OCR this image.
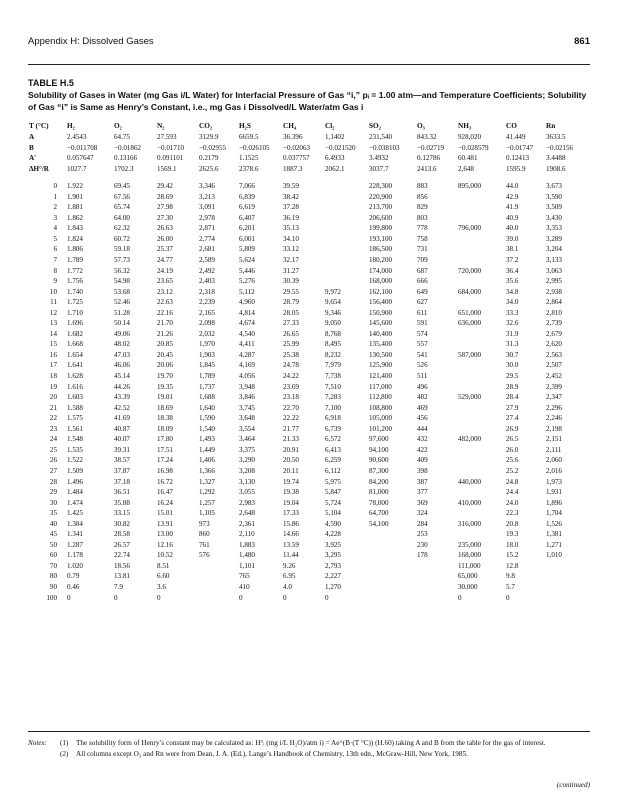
Appendix H: Dissolved Gases	861
TABLE H.5
Solubility of Gases in Water (mg Gas i/L Water) for Interfacial Pressure of Gas “i,” pᵢ = 1.00 atm—and Temperature Coefficients; Solubility of Gas “i” is Same as Henry’s Constant, i.e., mg Gas i Dissolved/L Water/atm Gas i
T (°C)	H₂	O₂	N₂	CO₂	H₂S	CH₄	Cl₂	SO₂	O₃	NH₃	CO	Rn
A	2.4543	64.75	27.593	3129.9	6659.5	36.396	1,1402	231,540	843.32	928,020	41.449	3633.5
B	−0.011708	−0.01862	−0.01710	−0.02955	−0.026105	−0.02063	−0.021520	−0.038103	−0.02719	−0.028579	−0.01747	−0.02156
A'	0.057647	0.13166	0.091101	0.2179	1.1525	0.037757	6.4933	3.4932	0.12786	60.481	0.12413	3.4488
ΔH°/R	1027.7	1702.3	1569.1	2625.6	2378.6	1887.3	2062.1	3037.7	2413.6	2,648	1595.9	1908.6

0	1.922	69.45	29.42	3,346	7,066	39.59		228,300	883	895,000	44.0	3,673
1	1.901	67.56	28.69	3,213	6,839	38.42		220,900	856		42.9	3,590
2	1.881	65.74	27.98	3,091	6,619	37.28		213,700	829		41.9	3,509
3	1.862	64.00	27.30	2,978	6,407	36.19		206,600	803		40.9	3,430
4	1.843	62.32	26.63	2,871	6,201	35.13		199,800	778	796,000	40.0	3,353
5	1.824	60.72	26.00	2,774	6,001	34.10		193,100	758		39.0	3,289
6	1.806	59.18	25.37	2,681	5,809	33.12		186,500	731		38.1	3,204
7	1.789	57.73	24.77	2,589	5,624	32.17		180,200	709		37.2	3,133
8	1.772	56.32	24.19	2,492	5,446	31.27		174,000	687	720,000	36.4	3,063
9	1.756	54.98	23.65	2,403	5,276	30.39		168,000	666		35.6	2,995
10	1.740	53.68	23.12	2,318	5,112	29.55	9,972	162,100	649	684,000	34.8	2,938
11	1.725	52.46	22.63	2,239	4,960	28.79	9,654	156,400	627		34.0	2,864
12	1.710	51.28	22.16	2,165	4,814	28.05	9,346	150,900	611	651,000	33.3	2,810
13	1.696	50.14	21.70	2,098	4,674	27.33	9,050	145,600	591	636,000	32.6	2,739
14	1.682	49.06	21.26	2,032	4,540	26.65	8,768	140,400	574		31.9	2,679
15	1.668	48.02	20.85	1,970	4,411	25.99	8,495	135,400	557		31.3	2,620
16	1.654	47.03	20.45	1,903	4,287	25.38	8,232	130,500	541	587,000	30.7	2,563
17	1.641	46.06	20.06	1,845	4,169	24.78	7,979	125,900	526		30.0	2,507
18	1.628	45.14	19.70	1,789	4,056	24.22	7,738	121,400	511		29.5	2,452
19	1.616	44.26	19.35	1,737	3,948	23.69	7,510	117,000	496		28.9	2,399
20	1.603	43.39	19.01	1,688	3,846	23.18	7,283	112,800	482	529,000	28.4	2,347
21	1.588	42.52	18.69	1,640	3,745	22.70	7,100	108,800	469		27.9	2,296
22	1.575	41.69	18.38	1,590	3,648	22.22	6,918	105,000	456		27.4	2,246
23	1.561	40.87	18.09	1,540	3,554	21.77	6,739	101,200	444		26.9	2,198
24	1.548	40.07	17.80	1,493	3,464	21.33	6,572	97,600	432	482,000	26.5	2,151
25	1.535	39.31	17.51	1,449	3,375	20.91	6,413	94,100	422		26.0	2,111
26	1.522	38.57	17.24	1,406	3,290	20.50	6,259	90,600	409		25.6	2,060
27	1.509	37.87	16.98	1,366	3,208	20.11	6,112	87,300	398		25.2	2,016
28	1.496	37.18	16.72	1,327	3,130	19.74	5,975	84,200	387	440,000	24.8	1,973
29	1.484	36.51	16.47	1,292	3,055	19.38	5,847	81,000	377		24.4	1,931
30	1.474	35.88	16.24	1,257	2,983	19.04	5,724	78,000	369	410,000	24.0	1,896
35	1.425	33.15	15.01	1,105	2,648	17.33	5,104	64,700	324		22.3	1,704
40	1.384	30.82	13.91	973	2,361	15.86	4,590	54,100	284	316,000	20.8	1,526
45	1.341	28.58	13.00	860	2,110	14.66	4,228		253		19.3	1,381
50	1.287	26.57	12.16	761	1,883	13.59	3,925		230	235,000	18.0	1,271
60	1.178	22.74	10.52	576	1,480	11.44	3,295		178	168,000	15.2	1,010
70	1.020	18.56	8.51		1,101	9.26	2,793			111,000	12.8	
80	0.79	13.81	6.60		765	6.95	2,227			65,000	9.8	
90	0.46	7.9	3.6		410	4.0	1,270			30,000	5.7	
100	0	0	0		0	0	0			0	0	
Notes: (1) The solubility form of Henry’s constant may be calculated as: H°ᵢ (mg i/L H₂O)/atm i) = Ae^(B·(T °C)) (H.60) taking A and B from the table for the gas of interest.
(2) All columns except O₃ and Rn were from Dean, J. A. (Ed.), Lange’s Handbook of Chemistry, 13th edn., McGraw-Hill, New York, 1985.
(continued)
